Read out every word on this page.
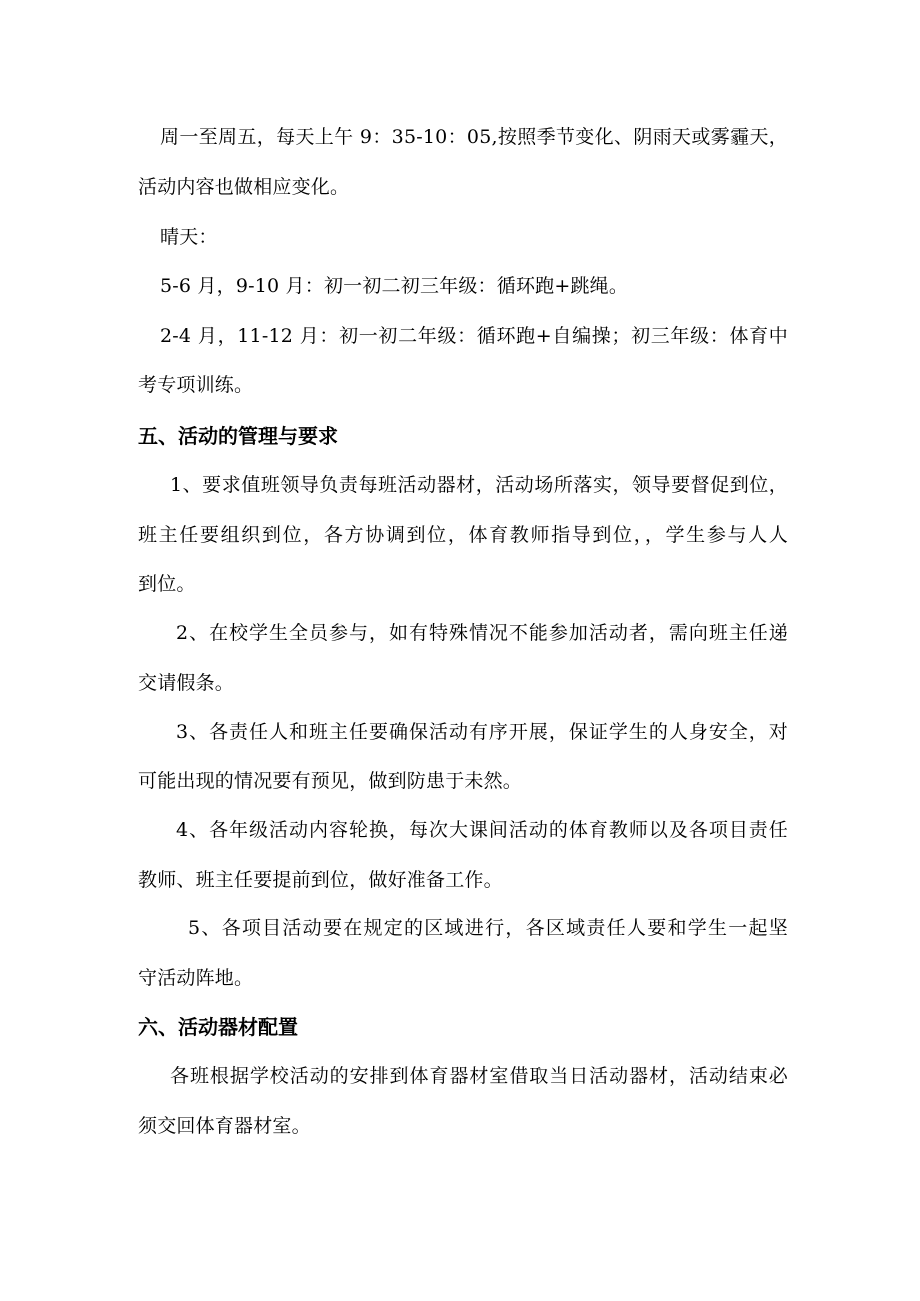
周一至周五，每天上午 9：35-10：05,按照季节变化、阴雨天或雾霾天，
活动内容也做相应变化。
晴天：
5-6 月，9-10 月：初一初二初三年级：循环跑+跳绳。
2-4 月，11-12 月：初一初二年级：循环跑+自编操；初三年级：体育中
考专项训练。
五、活动的管理与要求
1、要求值班领导负责每班活动器材，活动场所落实，领导要督促到位，
班主任要组织到位，各方协调到位，体育教师指导到位，，学生参与人人
到位。
2、在校学生全员参与，如有特殊情况不能参加活动者，需向班主任递
交请假条。
3、各责任人和班主任要确保活动有序开展，保证学生的人身安全，对
可能出现的情况要有预见，做到防患于未然。
4、各年级活动内容轮换，每次大课间活动的体育教师以及各项目责任
教师、班主任要提前到位，做好准备工作。
5、各项目活动要在规定的区域进行，各区域责任人要和学生一起坚
守活动阵地。
六、活动器材配置
各班根据学校活动的安排到体育器材室借取当日活动器材，活动结束必
须交回体育器材室。
